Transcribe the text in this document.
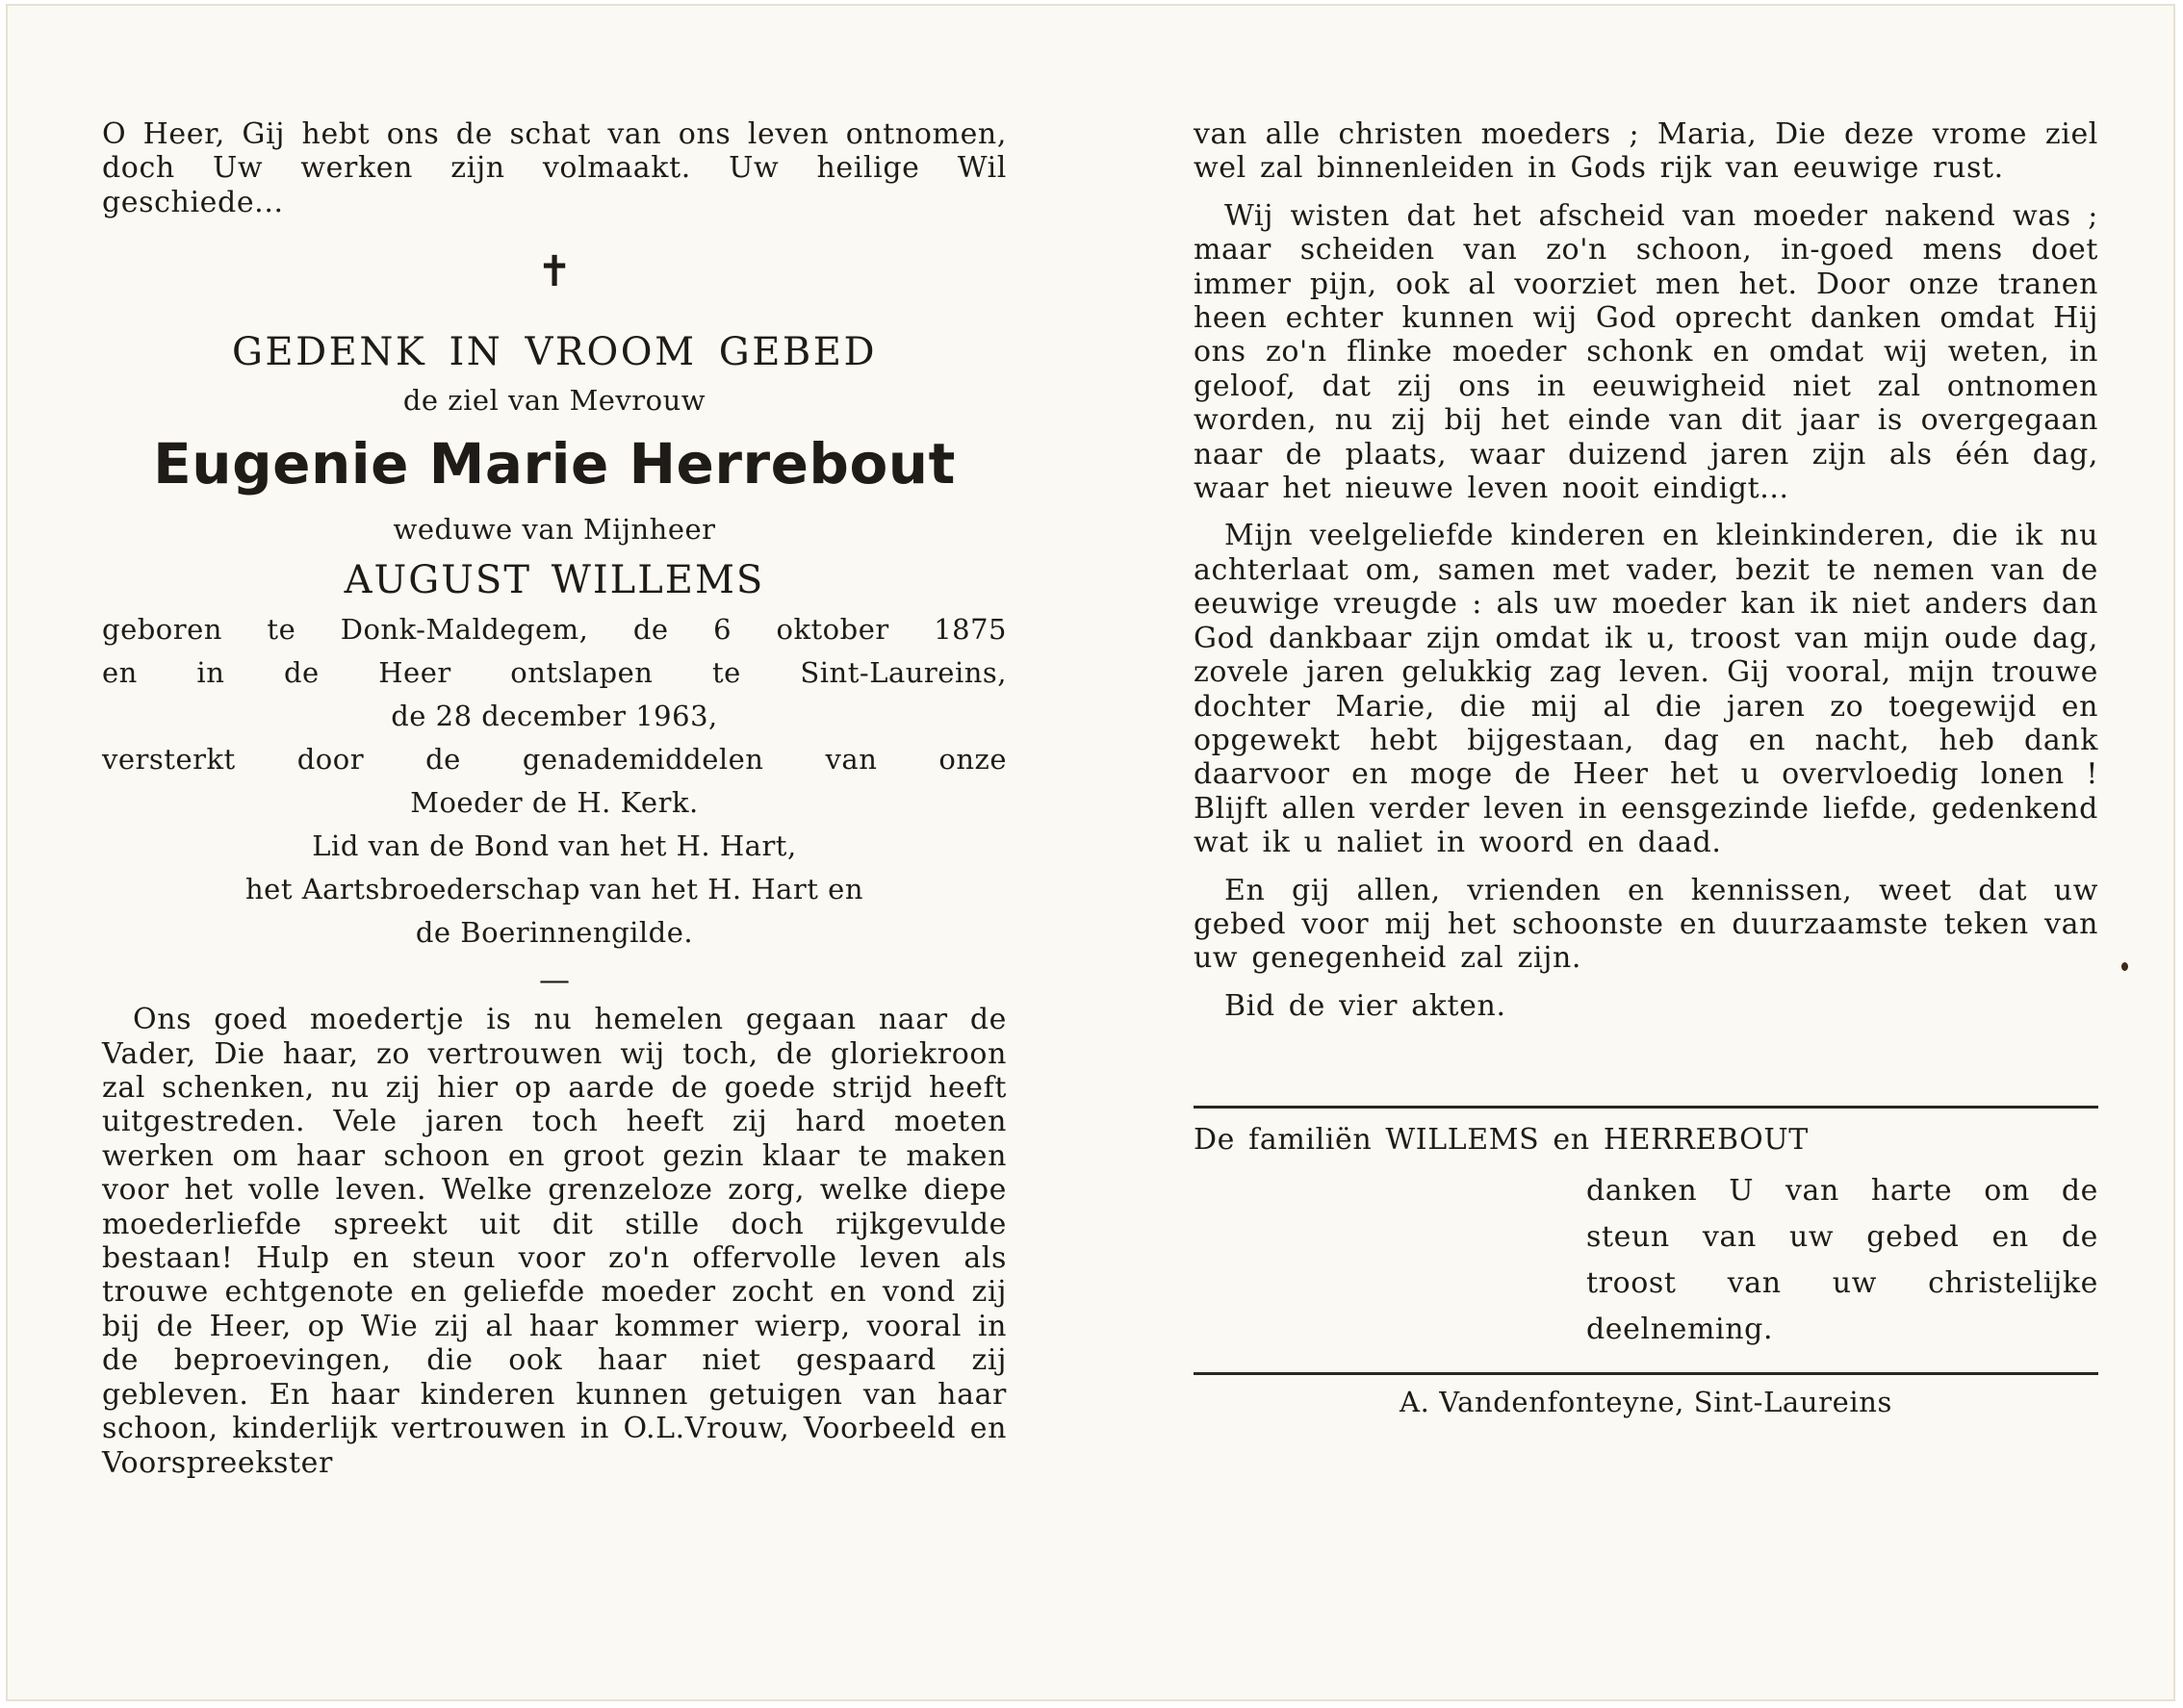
O Heer, Gij hebt ons de schat van ons leven ontnomen, doch Uw werken zijn volmaakt. Uw heilige Wil geschiede...

✝
GEDENK IN VROOM GEBED
de ziel van Mevrouw
Eugenie Marie Herrebout
weduwe van Mijnheer
AUGUST WILLEMS
geboren te Donk-Maldegem, de 6 oktober 1875
en in de Heer ontslapen te Sint-Laureins,
de 28 december 1963,
versterkt door de genademiddelen van onze
Moeder de H. Kerk.
Lid van de Bond van het H. Hart,
het Aartsbroederschap van het H. Hart en
de Boerinnengilde.
—

Ons goed moedertje is nu hemelen gegaan naar de Vader, Die haar, zo vertrouwen wij toch, de gloriekroon zal schenken, nu zij hier op aarde de goede strijd heeft uitgestreden. Vele jaren toch heeft zij hard moeten werken om haar schoon en groot gezin klaar te maken voor het volle leven. Welke grenzeloze zorg, welke diepe moederliefde spreekt uit dit stille doch rijkgevulde bestaan! Hulp en steun voor zo'n offervolle leven als trouwe echtgenote en geliefde moeder zocht en vond zij bij de Heer, op Wie zij al haar kommer wierp, vooral in de beproevingen, die ook haar niet gespaard zij gebleven. En haar kinderen kunnen getuigen van haar schoon, kinderlijk vertrouwen in O.L.Vrouw, Voorbeeld en Voorspreekster

van alle christen moeders ; Maria, Die deze vrome ziel wel zal binnenleiden in Gods rijk van eeuwige rust.

Wij wisten dat het afscheid van moeder nakend was ; maar scheiden van zo'n schoon, in-goed mens doet immer pijn, ook al voorziet men het. Door onze tranen heen echter kunnen wij God oprecht danken omdat Hij ons zo'n flinke moeder schonk en omdat wij weten, in geloof, dat zij ons in eeuwigheid niet zal ontnomen worden, nu zij bij het einde van dit jaar is overgegaan naar de plaats, waar duizend jaren zijn als één dag, waar het nieuwe leven nooit eindigt...

Mijn veelgeliefde kinderen en kleinkinderen, die ik nu achterlaat om, samen met vader, bezit te nemen van de eeuwige vreugde : als uw moeder kan ik niet anders dan God dankbaar zijn omdat ik u, troost van mijn oude dag, zovele jaren gelukkig zag leven. Gij vooral, mijn trouwe dochter Marie, die mij al die jaren zo toegewijd en opgewekt hebt bijgestaan, dag en nacht, heb dank daarvoor en moge de Heer het u overvloedig lonen ! Blijft allen verder leven in eensgezinde liefde, gedenkend wat ik u naliet in woord en daad.

En gij allen, vrienden en kennissen, weet dat uw gebed voor mij het schoonste en duurzaamste teken van uw genegenheid zal zijn.

Bid de vier akten.

De familiën WILLEMS en HERREBOUT

danken U van harte om de

steun van uw gebed en de

troost van uw christelijke

deelneming.

A. Vandenfonteyne, Sint-Laureins
